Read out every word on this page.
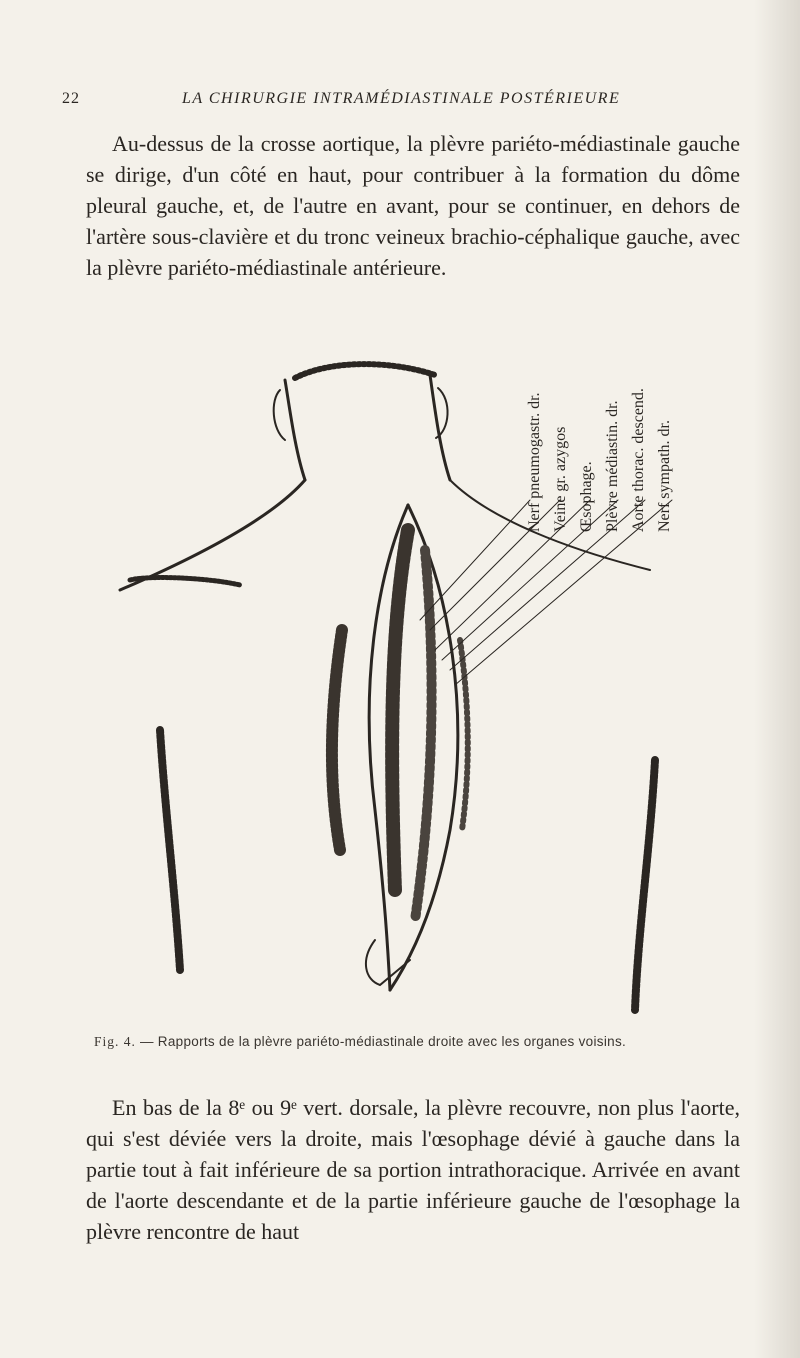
22	LA CHIRURGIE INTRAMÉDIASTINALE POSTÉRIEURE

Au-dessus de la crosse aortique, la plèvre pariéto-médiastinale gauche se dirige, d'un côté en haut, pour contribuer à la formation du dôme pleural gauche, et, de l'autre en avant, pour se continuer, en dehors de l'artère sous-clavière et du tronc veineux brachio-céphalique gauche, avec la plèvre pariéto-médiastinale antérieure.

Nerf pneumogastr. dr. Veine gr. azygos Œsophage. Plèvre médiastin. dr. Aorte thorac. descend. Nerf sympath. dr.
Fig. 4. — Rapports de la plèvre pariéto-médiastinale droite avec les organes voisins.

En bas de la 8ᵉ ou 9ᵉ vert. dorsale, la plèvre recouvre, non plus l'aorte, qui s'est déviée vers la droite, mais l'œsophage dévié à gauche dans la partie tout à fait inférieure de sa portion intrathoracique. Arrivée en avant de l'aorte descendante et de la partie inférieure gauche de l'œsophage la plèvre rencontre de haut
